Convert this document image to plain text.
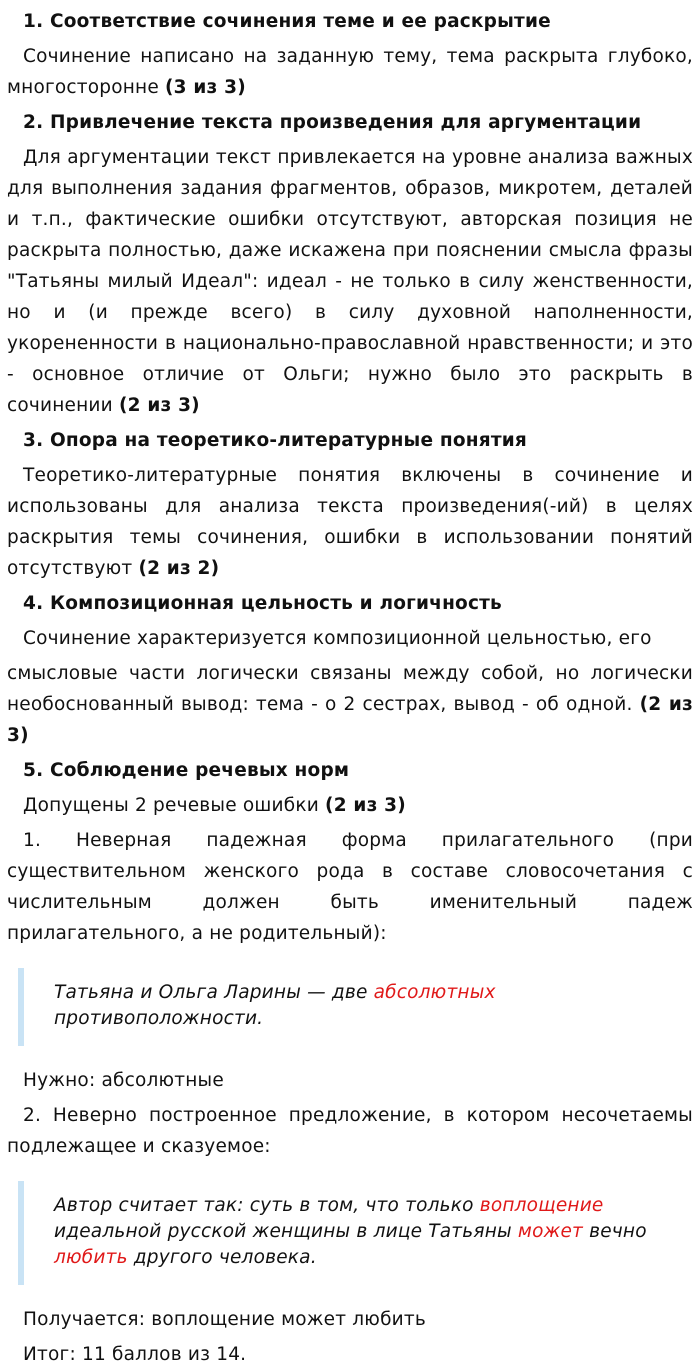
1. Соответствие сочинения теме и ее раскрытие
Сочинение написано на заданную тему, тема раскрыта глубоко, многосторонне (3 из 3)
2. Привлечение текста произведения для аргументации
Для аргументации текст привлекается на уровне анализа важных для выполнения задания фрагментов, образов, микротем, деталей и т.п., фактические ошибки отсутствуют, авторская позиция не раскрыта полностью, даже искажена при пояснении смысла фразы "Татьяны милый Идеал": идеал - не только в силу женственности, но и (и прежде всего) в силу духовной наполненности, укорененности в национально-православной нравственности; и это - основное отличие от Ольги; нужно было это раскрыть в сочинении (2 из 3)
3. Опора на теоретико-литературные понятия
Теоретико-литературные понятия включены в сочинение и использованы для анализа текста произведения(-ий) в целях раскрытия темы сочинения, ошибки в использовании понятий отсутствуют (2 из 2)
4. Композиционная цельность и логичность
Сочинение характеризуется композиционной цельностью, его
смысловые части логически связаны между собой, но логически необоснованный вывод: тема - о 2 сестрах, вывод - об одной. (2 из 3)
5. Соблюдение речевых норм
Допущены 2 речевые ошибки (2 из 3)
1. Неверная падежная форма прилагательного (при существительном женского рода в составе словосочетания с числительным должен быть именительный падеж прилагательного, а не родительный):
Татьяна и Ольга Ларины — две абсолютных противоположности.
Нужно: абсолютные
2. Неверно построенное предложение, в котором несочетаемы подлежащее и сказуемое:
Автор считает так: суть в том, что только воплощение идеальной русской женщины в лице Татьяны может вечно любить другого человека.
Получается: воплощение может любить
Итог: 11 баллов из 14.
